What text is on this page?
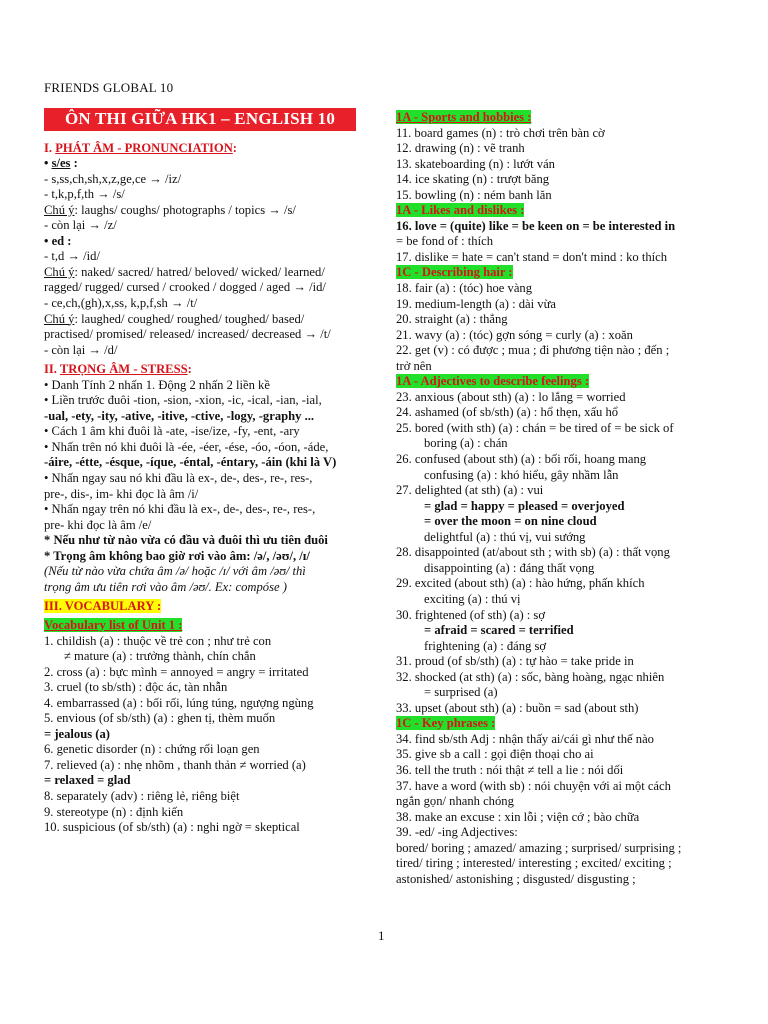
FRIENDS GLOBAL 10
ÔN THI GIỮA HK1 – ENGLISH 10
I. PHÁT ÂM - PRONUNCIATION:
• s/es :
- s,ss,ch,sh,x,z,ge,ce → /iz/
- t,k,p,f,th → /s/
Chú ý: laughs/ coughs/ photographs / topics → /s/
- còn lại → /z/
• ed :
- t,d → /id/
Chú ý: naked/ sacred/ hatred/ beloved/ wicked/ learned/
ragged/ rugged/ cursed / crooked / dogged / aged → /id/
- ce,ch,(gh),x,ss, k,p,f,sh → /t/
Chú ý: laughed/ coughed/ roughed/ toughed/ based/
practised/ promised/ released/ increased/ decreased → /t/
- còn lại → /d/
II. TRỌNG ÂM - STRESS:
• Danh Tính 2 nhấn 1. Động 2 nhấn 2 liền kề
• Liền trước đuôi -tion, -sion, -xion, -ic, -ical, -ian, -ial,
-ual, -ety, -ity, -ative, -itive, -ctive, -logy, -graphy ...
• Cách 1 âm khi đuôi là -ate, -ise/ize, -fy, -ent, -ary
• Nhấn trên nó khi đuôi là -ée, -éer, -ése, -óo, -óon, -áde,
-áire, -étte, -ésque, -íque, -éntal, -éntary, -áin (khi là V)
• Nhấn ngay sau nó khi đầu là ex-, de-, des-, re-, res-,
pre-, dis-, im- khi đọc là âm /i/
• Nhấn ngay trên nó khi đầu là ex-, de-, des-, re-, res-,
pre- khi đọc là âm /e/
* Nếu như từ nào vừa có đầu và đuôi thì ưu tiên đuôi
* Trọng âm không bao giờ rơi vào âm: /ə/, /əʊ/, /ɪ/
(Nếu từ nào vừa chứa âm /ə/ hoặc /ɪ/ với âm /əʊ/ thì
trọng âm ưu tiên rơi vào âm /əʊ/. Ex: compóse )
III. VOCABULARY :
Vocabulary list of Unit 1 :
1. childish (a) : thuộc về trẻ con ; như trẻ con
≠ mature (a) : trưởng thành, chín chắn
2. cross (a) : bực mình = annoyed = angry = irritated
3. cruel (to sb/sth) : độc ác, tàn nhẫn
4. embarrassed (a) : bối rối, lúng túng, ngượng ngùng
5. envious (of sb/sth) (a) : ghen tị, thèm muốn
= jealous (a)
6. genetic disorder (n) : chứng rối loạn gen
7. relieved (a) : nhẹ nhõm , thanh thản ≠ worried (a)
= relaxed = glad
8. separately (adv) : riêng lẻ, riêng biệt
9. stereotype (n) : định kiến
10. suspicious (of sb/sth) (a) : nghi ngờ = skeptical
1A - Sports and hobbies :
11. board games (n) : trò chơi trên bàn cờ
12. drawing (n) : vẽ tranh
13. skateboarding (n) : lướt ván
14. ice skating (n) : trượt băng
15. bowling (n) : ném banh lăn
1A - Likes and dislikes :
16. love = (quite) like = be keen on = be interested in
= be fond of : thích
17. dislike = hate = can't stand = don't mind : ko thích
1C - Describing hair :
18. fair (a) : (tóc) hoe vàng
19. medium-length (a) : dài vừa
20. straight (a) : thẳng
21. wavy (a) : (tóc) gợn sóng = curly (a) : xoăn
22. get (v) : có được ; mua ; đi phương tiện nào ; đến ;
trở nên
1A - Adjectives to describe feelings :
23. anxious (about sth) (a) : lo lắng = worried
24. ashamed (of sb/sth) (a) : hổ thẹn, xấu hổ
25. bored (with sth) (a) : chán = be tired of = be sick of
boring (a) : chán
26. confused (about sth) (a) : bối rối, hoang mang
confusing (a) : khó hiểu, gây nhầm lẫn
27. delighted (at sth) (a) : vui
= glad = happy = pleased = overjoyed
= over the moon = on nine cloud
delightful (a) : thú vị, vui sướng
28. disappointed (at/about sth ; with sb) (a) : thất vọng
disappointing (a) : đáng thất vọng
29. excited (about sth) (a) : hào hứng, phấn khích
exciting (a) : thú vị
30. frightened (of sth) (a) : sợ
= afraid = scared = terrified
frightening (a) : đáng sợ
31. proud (of sb/sth) (a) : tự hào = take pride in
32. shocked (at sth) (a) : sốc, bàng hoàng, ngạc nhiên
= surprised (a)
33. upset (about sth) (a) : buồn = sad (about sth)
1C - Key phrases :
34. find sb/sth Adj : nhận thấy ai/cái gì như thế nào
35. give sb a call : gọi điện thoại cho ai
36. tell the truth : nói thật ≠ tell a lie : nói dối
37. have a word (with sb) : nói chuyện với ai một cách
ngắn gọn/ nhanh chóng
38. make an excuse : xin lỗi ; viện cớ ; bào chữa
39. -ed/ -ing Adjectives:
bored/ boring ; amazed/ amazing ; surprised/ surprising ;
tired/ tiring ; interested/ interesting ; excited/ exciting ;
astonished/ astonishing ; disgusted/ disgusting ;
1
